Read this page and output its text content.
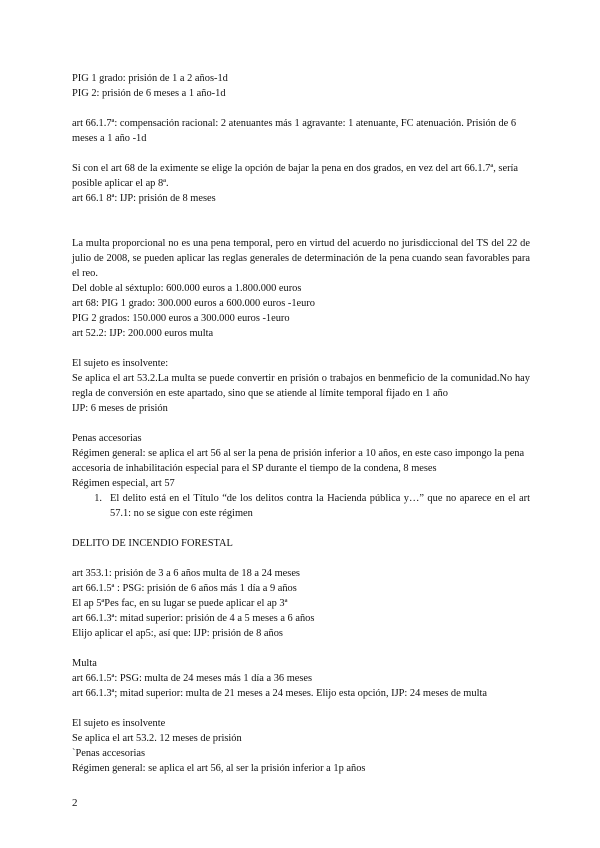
PIG 1 grado: prisión de 1 a 2 años-1d

PIG 2: prisión de 6 meses a 1 año-1d

art 66.1.7ª: compensación racional: 2 atenuantes más 1 agravante: 1 atenuante, FC atenuación. Prisión de 6 meses a 1 año -1d

Si con el art 68 de la eximente se elige la opción de bajar la pena en dos grados, en vez del art 66.1.7ª, sería posible aplicar el ap 8ª.

art 66.1 8ª: IJP: prisión de 8 meses

La multa proporcional no es una pena temporal, pero en virtud del acuerdo no jurisdiccional del TS del 22 de julio de 2008, se pueden aplicar las reglas generales de determinación de la pena cuando sean favorables para el reo.

Del doble al séxtuplo: 600.000 euros a 1.800.000 euros

art 68: PIG 1 grado: 300.000 euros a 600.000 euros -1euro

PIG 2 grados: 150.000 euros a 300.000 euros -1euro

art 52.2: IJP: 200.000 euros multa

El sujeto es insolvente:

Se aplica el art 53.2.La multa se puede convertir en prisión o trabajos en benmeficio de la comunidad.No hay regla de conversión en este apartado, sino que se atiende al límite temporal fijado en 1 año

IJP: 6 meses de prisión

Penas accesorias

Régimen general: se aplica el art 56 al ser la pena de prisión inferior a 10 años, en este caso impongo la pena accesoria de inhabilitación especial para el SP durante el tiempo de la condena, 8 meses

Régimen especial, art 57

1. El delito está en el Título “de los delitos contra la Hacienda pública y…” que no aparece en el art 57.1: no se sigue con este régimen

DELITO DE INCENDIO FORESTAL

art 353.1: prisión de 3 a 6 años multa de 18 a 24 meses

art 66.1.5ª : PSG: prisión de 6 años más 1 día a 9 años

El ap 5ªPes fac, en su lugar se puede aplicar el ap 3ª

art 66.1.3ª: mitad superior: prisión de 4 a 5 meses a 6 años

Elijo aplicar el ap5:, así que: IJP: prisión de 8 años

Multa

art 66.1.5ª: PSG: multa de 24 meses más 1 día a 36 meses

art 66.1.3ª; mitad superior: multa de 21 meses a 24 meses. Elijo esta opción, IJP: 24 meses de multa

El sujeto es insolvente

Se aplica el art 53.2. 12 meses de prisión

`Penas accesorias

Régimen general: se aplica el art 56, al ser la prisión inferior a 1p años

2
